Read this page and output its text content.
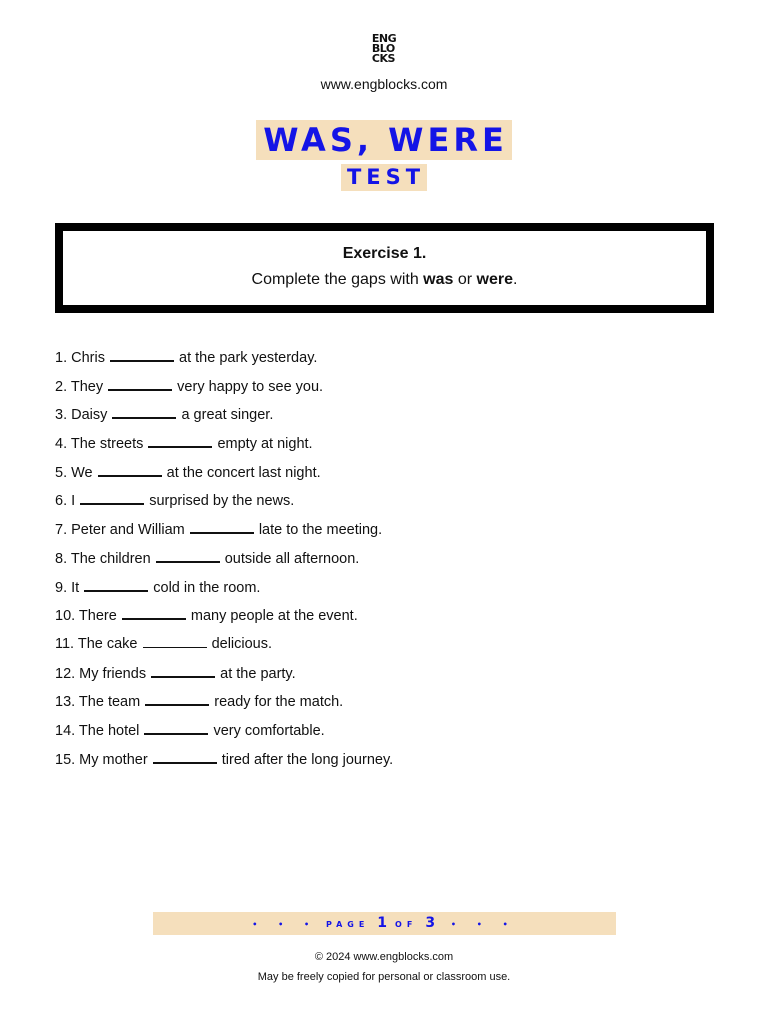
ENG
BLO
CKS
www.engblocks.com
WAS, WERE
TEST
Exercise 1.
Complete the gaps with was or were.
1. Chris	at the park yesterday.
2. They	very happy to see you.
3. Daisy	a great singer.
4. The streets	empty at night.
5. We	at the concert last night.
6. I	surprised by the news.
7. Peter and William	late to the meeting.
8. The children	outside all afternoon.
9. It	cold in the room.
10. There	many people at the event.
11. The cake	delicious.
12. My friends	at the party.
13. The team	ready for the match.
14. The hotel	very comfortable.
15. My mother	tired after the long journey.
• • • PAGE 1 OF 3 • • •
© 2024 www.engblocks.com
May be freely copied for personal or classroom use.
